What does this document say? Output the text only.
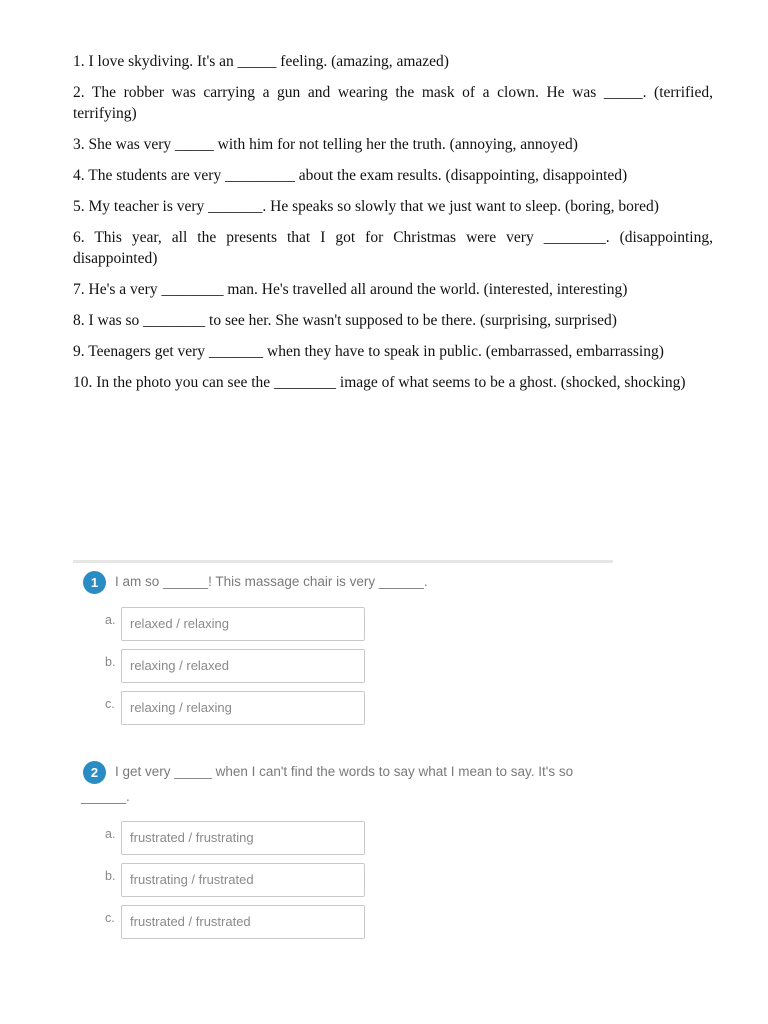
1. I love skydiving. It's an _____ feeling. (amazing, amazed)

2. The robber was carrying a gun and wearing the mask of a clown. He was _____. (terrified, terrifying)

3. She was very _____ with him for not telling her the truth. (annoying, annoyed)

4. The students are very _________ about the exam results. (disappointing, disappointed)

5. My teacher is very _______. He speaks so slowly that we just want to sleep. (boring, bored)

6. This year, all the presents that I got for Christmas were very ________. (disappointing, disappointed)

7. He's a very ________ man. He's travelled all around the world. (interested, interesting)

8. I was so ________ to see her. She wasn't supposed to be there. (surprising, surprised)

9. Teenagers get very _______ when they have to speak in public. (embarrassed, embarrassing)

10. In the photo you can see the ________ image of what seems to be a ghost. (shocked, shocking)

1	I am so ______! This massage chair is very ______.

a.	relaxed / relaxing
b.	relaxing / relaxed
c.	relaxing / relaxing
2	I get very _____ when I can't find the words to say what I mean to say. It's so ______.

a.	frustrated / frustrating
b.	frustrating / frustrated
c.	frustrated / frustrated
